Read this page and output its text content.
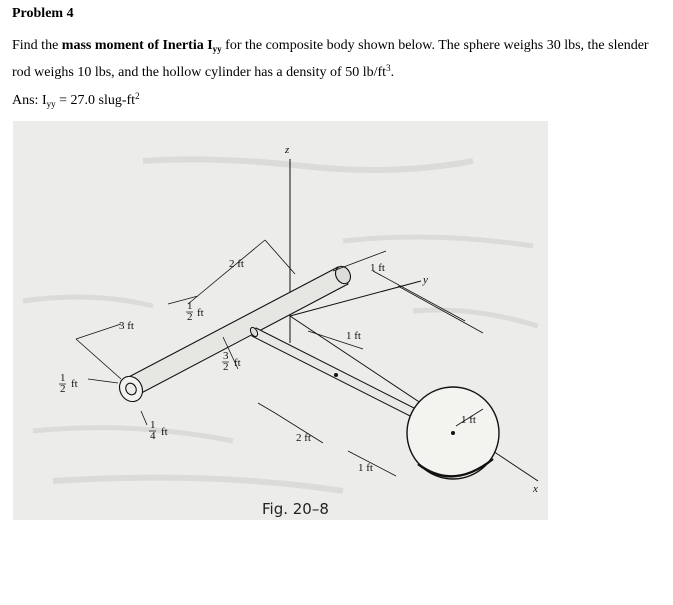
Problem 4
Find the mass moment of Inertia $I_{yy}$ for the composite body shown below. The sphere weighs 30 lbs, the slender rod weighs 10 lbs, and the hollow cylinder has a density of 50 $lb/ft^3$.
Ans: $I_{yy} = 27.0$ slug-$ft^2$
z
y
x
2 ft	1 ft
3 ft
1
2 ft
1 ft
3
2 ft
1
2 ft
1
4 ft	2 ft
1 ft
1 ft
Fig. 20–8
